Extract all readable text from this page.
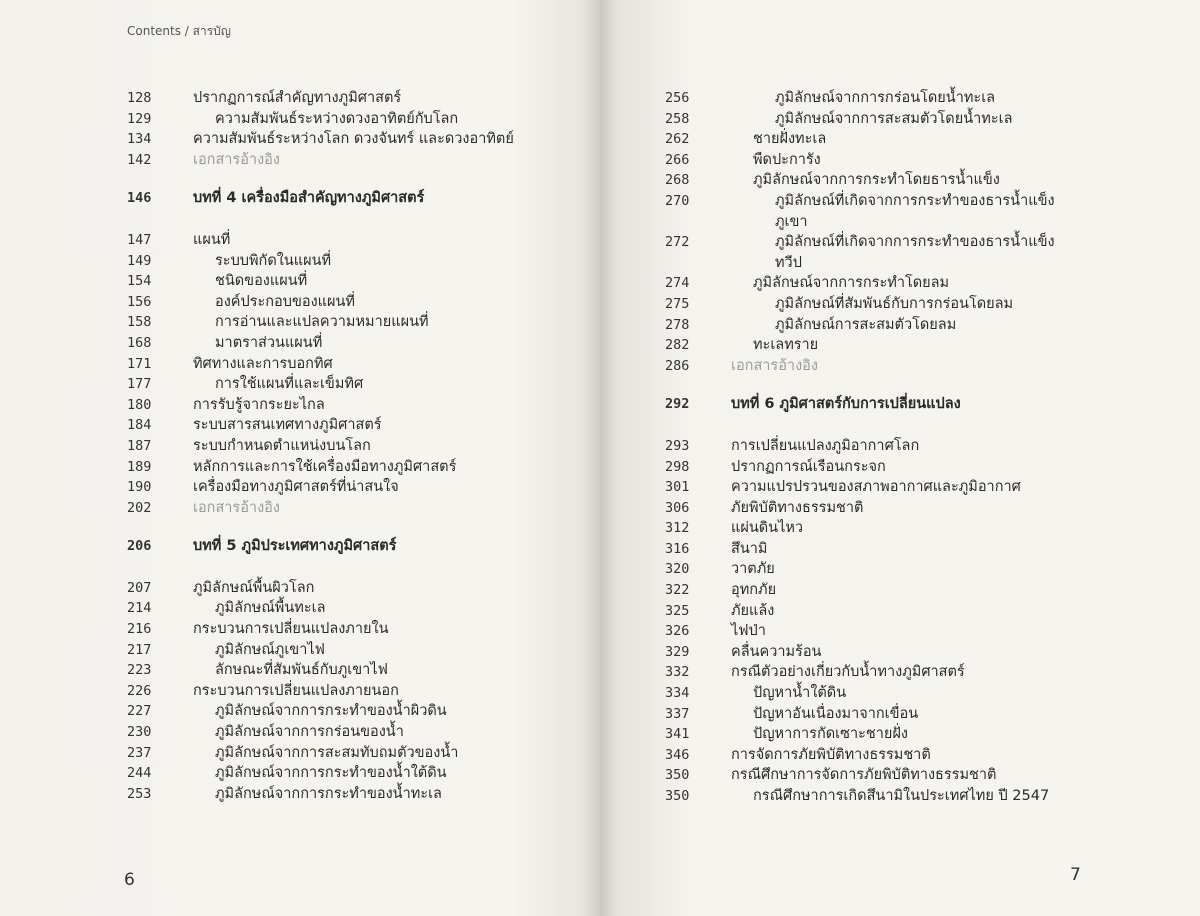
Contents / สารบัญ
128	ปรากฏการณ์สำคัญทางภูมิศาสตร์
129	ความสัมพันธ์ระหว่างดวงอาทิตย์กับโลก
134	ความสัมพันธ์ระหว่างโลก ดวงจันทร์ และดวงอาทิตย์
142	เอกสารอ้างอิง
146	บทที่ 4 เครื่องมือสำคัญทางภูมิศาสตร์
147	แผนที่
149	ระบบพิกัดในแผนที่
154	ชนิดของแผนที่
156	องค์ประกอบของแผนที่
158	การอ่านและแปลความหมายแผนที่
168	มาตราส่วนแผนที่
171	ทิศทางและการบอกทิศ
177	การใช้แผนที่และเข็มทิศ
180	การรับรู้จากระยะไกล
184	ระบบสารสนเทศทางภูมิศาสตร์
187	ระบบกำหนดตำแหน่งบนโลก
189	หลักการและการใช้เครื่องมือทางภูมิศาสตร์
190	เครื่องมือทางภูมิศาสตร์ที่น่าสนใจ
202	เอกสารอ้างอิง
206	บทที่ 5 ภูมิประเทศทางภูมิศาสตร์
207	ภูมิลักษณ์พื้นผิวโลก
214	ภูมิลักษณ์พื้นทะเล
216	กระบวนการเปลี่ยนแปลงภายใน
217	ภูมิลักษณ์ภูเขาไฟ
223	ลักษณะที่สัมพันธ์กับภูเขาไฟ
226	กระบวนการเปลี่ยนแปลงภายนอก
227	ภูมิลักษณ์จากการกระทำของน้ำผิวดิน
230	ภูมิลักษณ์จากการกร่อนของน้ำ
237	ภูมิลักษณ์จากการสะสมทับถมตัวของน้ำ
244	ภูมิลักษณ์จากการกระทำของน้ำใต้ดิน
253	ภูมิลักษณ์จากการกระทำของน้ำทะเล
6
256	ภูมิลักษณ์จากการกร่อนโดยน้ำทะเล
258	ภูมิลักษณ์จากการสะสมตัวโดยน้ำทะเล
262	ชายฝั่งทะเล
266	พืดปะการัง
268	ภูมิลักษณ์จากการกระทำโดยธารน้ำแข็ง
270	ภูมิลักษณ์ที่เกิดจากการกระทำของธารน้ำแข็ง
ภูเขา
272	ภูมิลักษณ์ที่เกิดจากการกระทำของธารน้ำแข็ง
ทวีป
274	ภูมิลักษณ์จากการกระทำโดยลม
275	ภูมิลักษณ์ที่สัมพันธ์กับการกร่อนโดยลม
278	ภูมิลักษณ์การสะสมตัวโดยลม
282	ทะเลทราย
286	เอกสารอ้างอิง
292	บทที่ 6 ภูมิศาสตร์กับการเปลี่ยนแปลง
293	การเปลี่ยนแปลงภูมิอากาศโลก
298	ปรากฏการณ์เรือนกระจก
301	ความแปรปรวนของสภาพอากาศและภูมิอากาศ
306	ภัยพิบัติทางธรรมชาติ
312	แผ่นดินไหว
316	สึนามิ
320	วาตภัย
322	อุทกภัย
325	ภัยแล้ง
326	ไฟป่า
329	คลื่นความร้อน
332	กรณีตัวอย่างเกี่ยวกับน้ำทางภูมิศาสตร์
334	ปัญหาน้ำใต้ดิน
337	ปัญหาอันเนื่องมาจากเขื่อน
341	ปัญหาการกัดเซาะชายฝั่ง
346	การจัดการภัยพิบัติทางธรรมชาติ
350	กรณีศึกษาการจัดการภัยพิบัติทางธรรมชาติ
350	กรณีศึกษาการเกิดสึนามิในประเทศไทย ปี 2547
7
